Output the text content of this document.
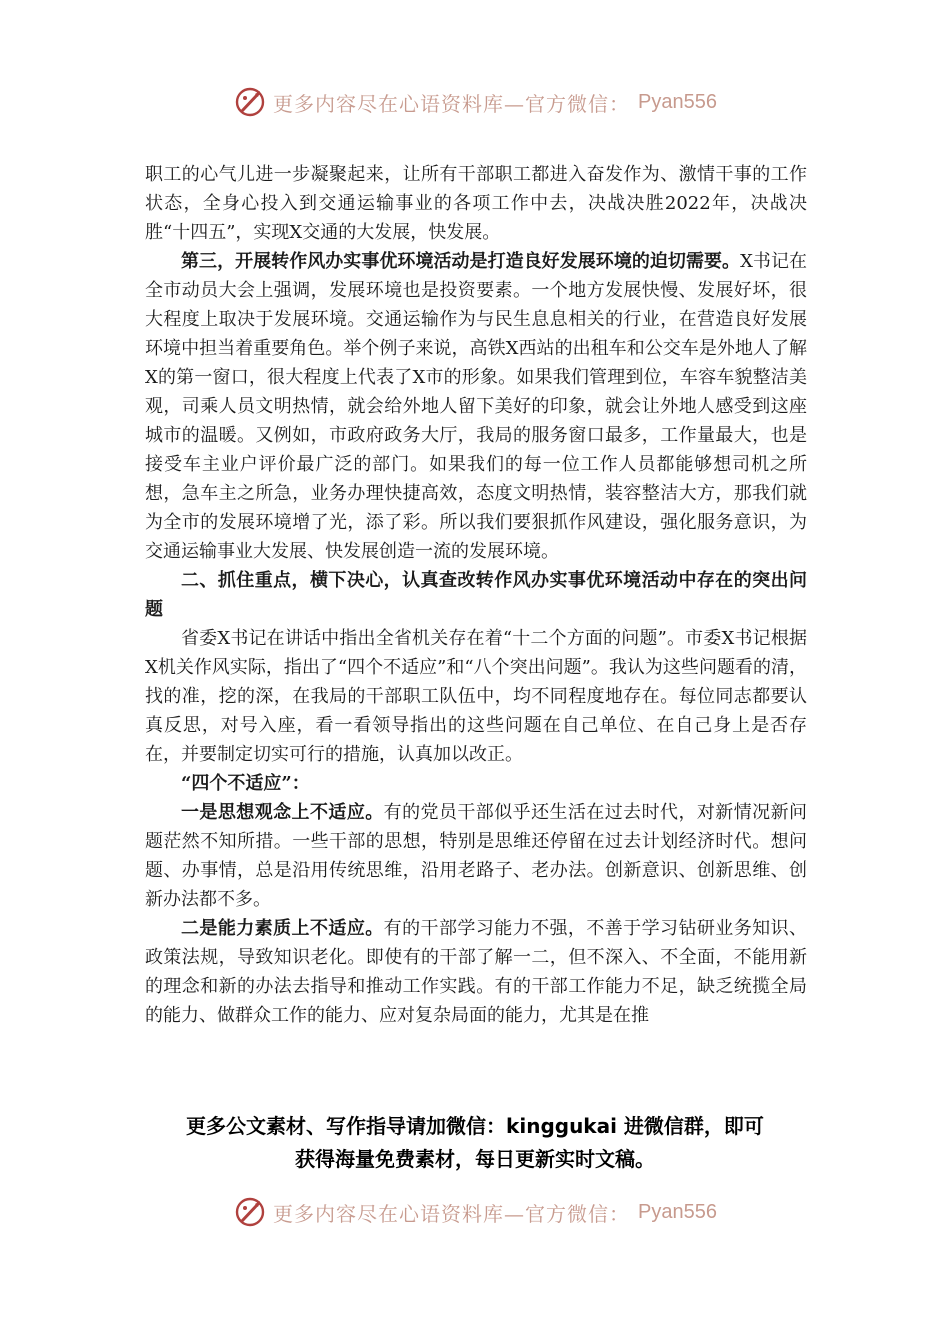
更多内容尽在心语资料库—官方微信： Pyan556

职工的心气儿进一步凝聚起来，让所有干部职工都进入奋发作为、激情干事的工作状态，全身心投入到交通运输事业的各项工作中去，决战决胜2022年，决战决胜“十四五”，实现X交通的大发展，快发展。

第三，开展转作风办实事优环境活动是打造良好发展环境的迫切需要。X书记在全市动员大会上强调，发展环境也是投资要素。一个地方发展快慢、发展好坏，很大程度上取决于发展环境。交通运输作为与民生息息相关的行业，在营造良好发展环境中担当着重要角色。举个例子来说，高铁X西站的出租车和公交车是外地人了解X的第一窗口，很大程度上代表了X市的形象。如果我们管理到位，车容车貌整洁美观，司乘人员文明热情，就会给外地人留下美好的印象，就会让外地人感受到这座城市的温暖。又例如，市政府政务大厅，我局的服务窗口最多，工作量最大，也是接受车主业户评价最广泛的部门。如果我们的每一位工作人员都能够想司机之所想，急车主之所急，业务办理快捷高效，态度文明热情，装容整洁大方，那我们就为全市的发展环境增了光，添了彩。所以我们要狠抓作风建设，强化服务意识，为交通运输事业大发展、快发展创造一流的发展环境。

二、抓住重点，横下决心，认真查改转作风办实事优环境活动中存在的突出问题

省委X书记在讲话中指出全省机关存在着“十二个方面的问题”。市委X书记根据X机关作风实际，指出了“四个不适应”和“八个突出问题”。我认为这些问题看的清，找的准，挖的深，在我局的干部职工队伍中，均不同程度地存在。每位同志都要认真反思，对号入座，看一看领导指出的这些问题在自己单位、在自己身上是否存在，并要制定切实可行的措施，认真加以改正。

“四个不适应”：

一是思想观念上不适应。有的党员干部似乎还生活在过去时代，对新情况新问题茫然不知所措。一些干部的思想，特别是思维还停留在过去计划经济时代。想问题、办事情，总是沿用传统思维，沿用老路子、老办法。创新意识、创新思维、创新办法都不多。

二是能力素质上不适应。有的干部学习能力不强，不善于学习钻研业务知识、政策法规，导致知识老化。即使有的干部了解一二，但不深入、不全面，不能用新的理念和新的办法去指导和推动工作实践。有的干部工作能力不足，缺乏统揽全局的能力、做群众工作的能力、应对复杂局面的能力，尤其是在推

更多公文素材、写作指导请加微信：kinggukai 进微信群，即可

获得海量免费素材，每日更新实时文稿。

更多内容尽在心语资料库—官方微信： Pyan556
